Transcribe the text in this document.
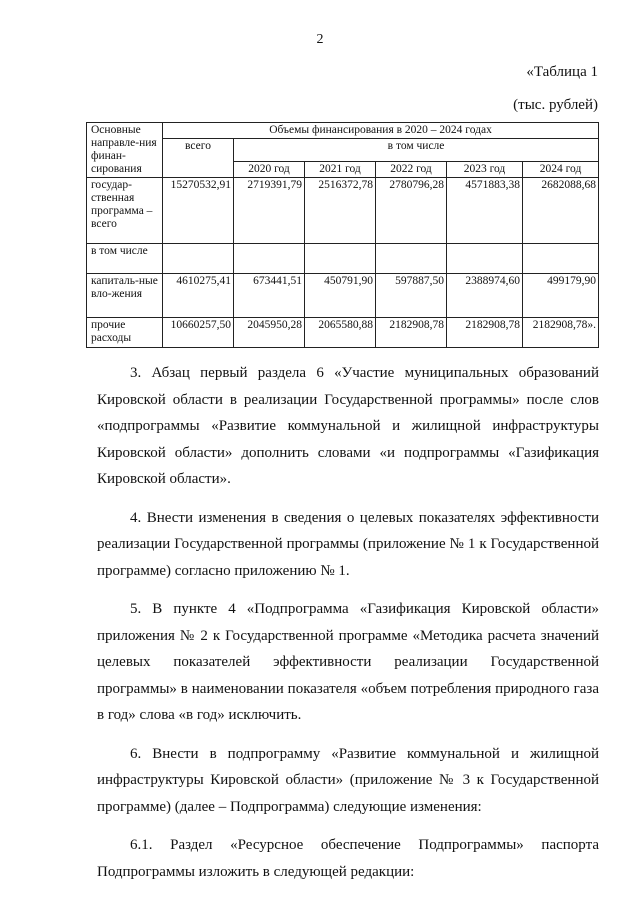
2
«Таблица 1
(тыс. рублей)
Основные направле-ния финан-сирования	Объемы финансирования в 2020 – 2024 годах					
	всего	в том числе				
		2020 год	2021 год	2022 год	2023 год	2024 год
государ-ственная программа – всего	15270532,91	2719391,79	2516372,78	2780796,28	4571883,38	2682088,68
в том числе						
капиталь-ные вло-жения	4610275,41	673441,51	450791,90	597887,50	2388974,60	499179,90
прочие расходы	10660257,50	2045950,28	2065580,88	2182908,78	2182908,78	2182908,78».

3. Абзац первый раздела 6 «Участие муниципальных образований Кировской области в реализации Государственной программы» после слов «подпрограммы «Развитие коммунальной и жилищной инфраструктуры Кировской области» дополнить словами «и подпрограммы «Газификация Кировской области».

4. Внести изменения в сведения о целевых показателях эффективности реализации Государственной программы (приложение № 1 к Государственной программе) согласно приложению № 1.

5. В пункте 4 «Подпрограмма «Газификация Кировской области» приложения № 2 к Государственной программе «Методика расчета значений целевых показателей эффективности реализации Государственной программы» в наименовании показателя «объем потребления природного газа в год» слова «в год» исключить.

6. Внести в подпрограмму «Развитие коммунальной и жилищной инфраструктуры Кировской области» (приложение № 3 к Государственной программе) (далее – Подпрограмма) следующие изменения:

6.1. Раздел «Ресурсное обеспечение Подпрограммы» паспорта Подпрограммы изложить в следующей редакции:
